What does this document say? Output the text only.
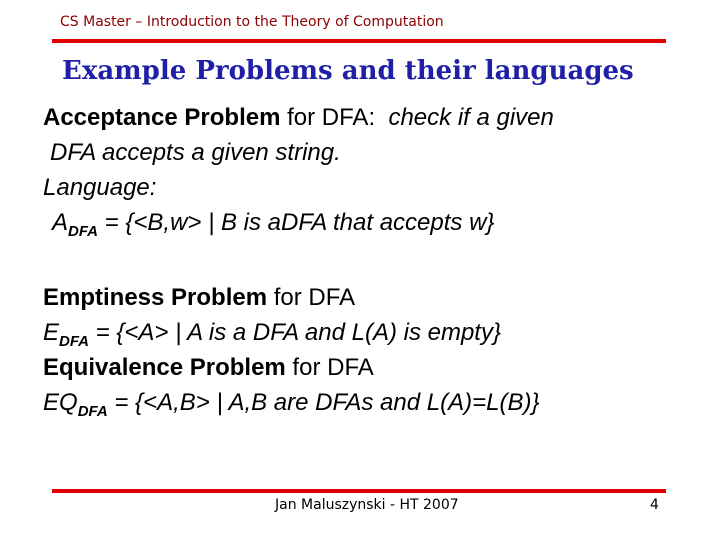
CS Master – Introduction to the Theory of Computation
Example Problems and their languages
Acceptance Problem for DFA:  check if a given
DFA accepts a given string.
Language:
$A_{DFA} = \{<B,w>$ | B is aDFA that accepts w}
Emptiness Problem for DFA
$E_{DFA} = \{<A>$ | A is a DFA and L(A) is empty}
Equivalence Problem for DFA
$EQ_{DFA} = \{<A,B>$ | A,B are DFAs and L(A)=L(B)}
Jan Maluszynski - HT 2007	4
